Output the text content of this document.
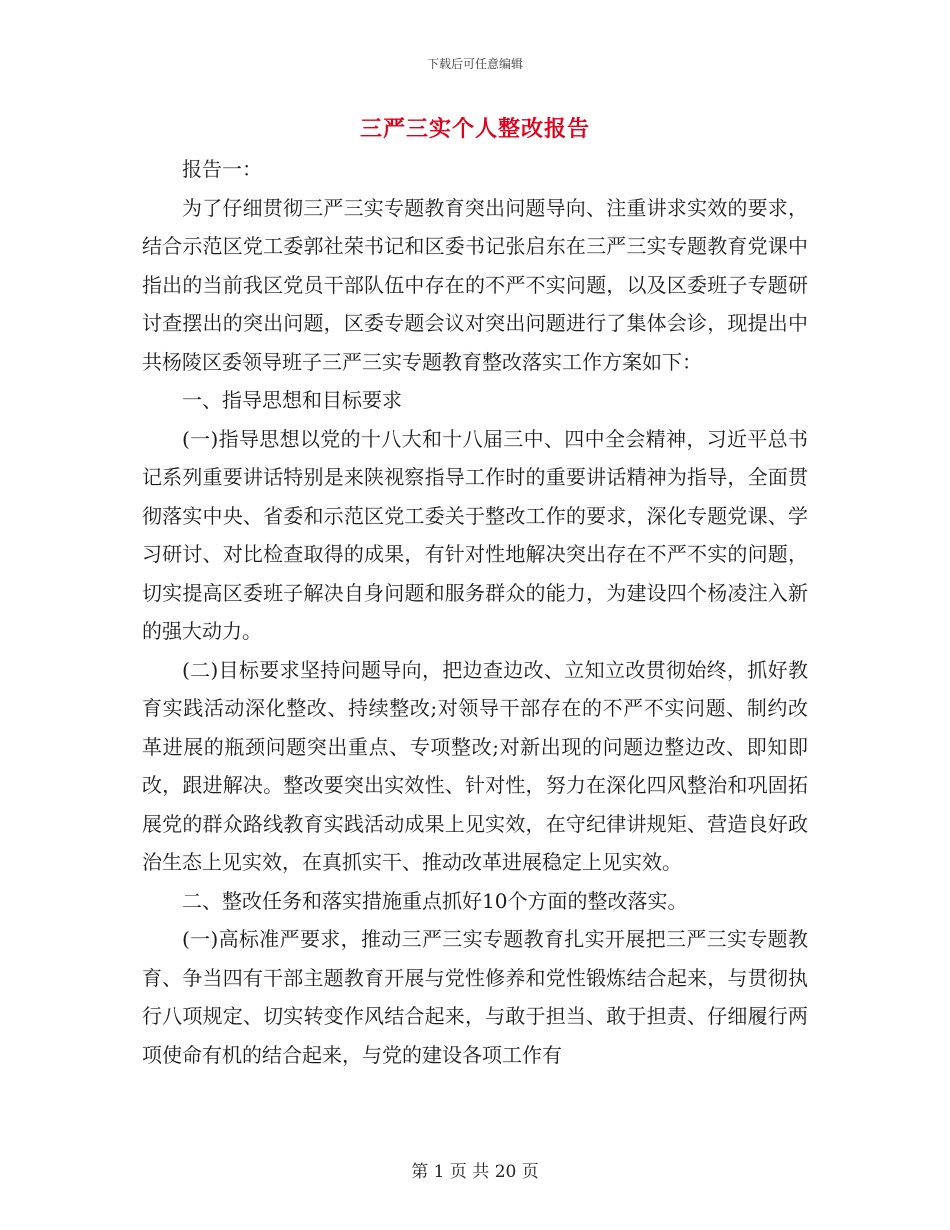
下载后可任意编辑
三严三实个人整改报告

报告一：

为了仔细贯彻三严三实专题教育突出问题导向、注重讲求实效的要求，结合示范区党工委郭社荣书记和区委书记张启东在三严三实专题教育党课中指出的当前我区党员干部队伍中存在的不严不实问题，以及区委班子专题研讨查摆出的突出问题，区委专题会议对突出问题进行了集体会诊，现提出中共杨陵区委领导班子三严三实专题教育整改落实工作方案如下：

一、指导思想和目标要求

(一)指导思想以党的十八大和十八届三中、四中全会精神，习近平总书记系列重要讲话特别是来陕视察指导工作时的重要讲话精神为指导，全面贯彻落实中央、省委和示范区党工委关于整改工作的要求，深化专题党课、学习研讨、对比检查取得的成果，有针对性地解决突出存在不严不实的问题，切实提高区委班子解决自身问题和服务群众的能力，为建设四个杨凌注入新的强大动力。

(二)目标要求坚持问题导向，把边查边改、立知立改贯彻始终，抓好教育实践活动深化整改、持续整改;对领导干部存在的不严不实问题、制约改革进展的瓶颈问题突出重点、专项整改;对新出现的问题边整边改、即知即改，跟进解决。整改要突出实效性、针对性，努力在深化四风整治和巩固拓展党的群众路线教育实践活动成果上见实效，在守纪律讲规矩、营造良好政治生态上见实效，在真抓实干、推动改革进展稳定上见实效。

二、整改任务和落实措施重点抓好10个方面的整改落实。

(一)高标准严要求，推动三严三实专题教育扎实开展把三严三实专题教育、争当四有干部主题教育开展与党性修养和党性锻炼结合起来，与贯彻执行八项规定、切实转变作风结合起来，与敢于担当、敢于担责、仔细履行两项使命有机的结合起来，与党的建设各项工作有

第 1 页 共 20 页
